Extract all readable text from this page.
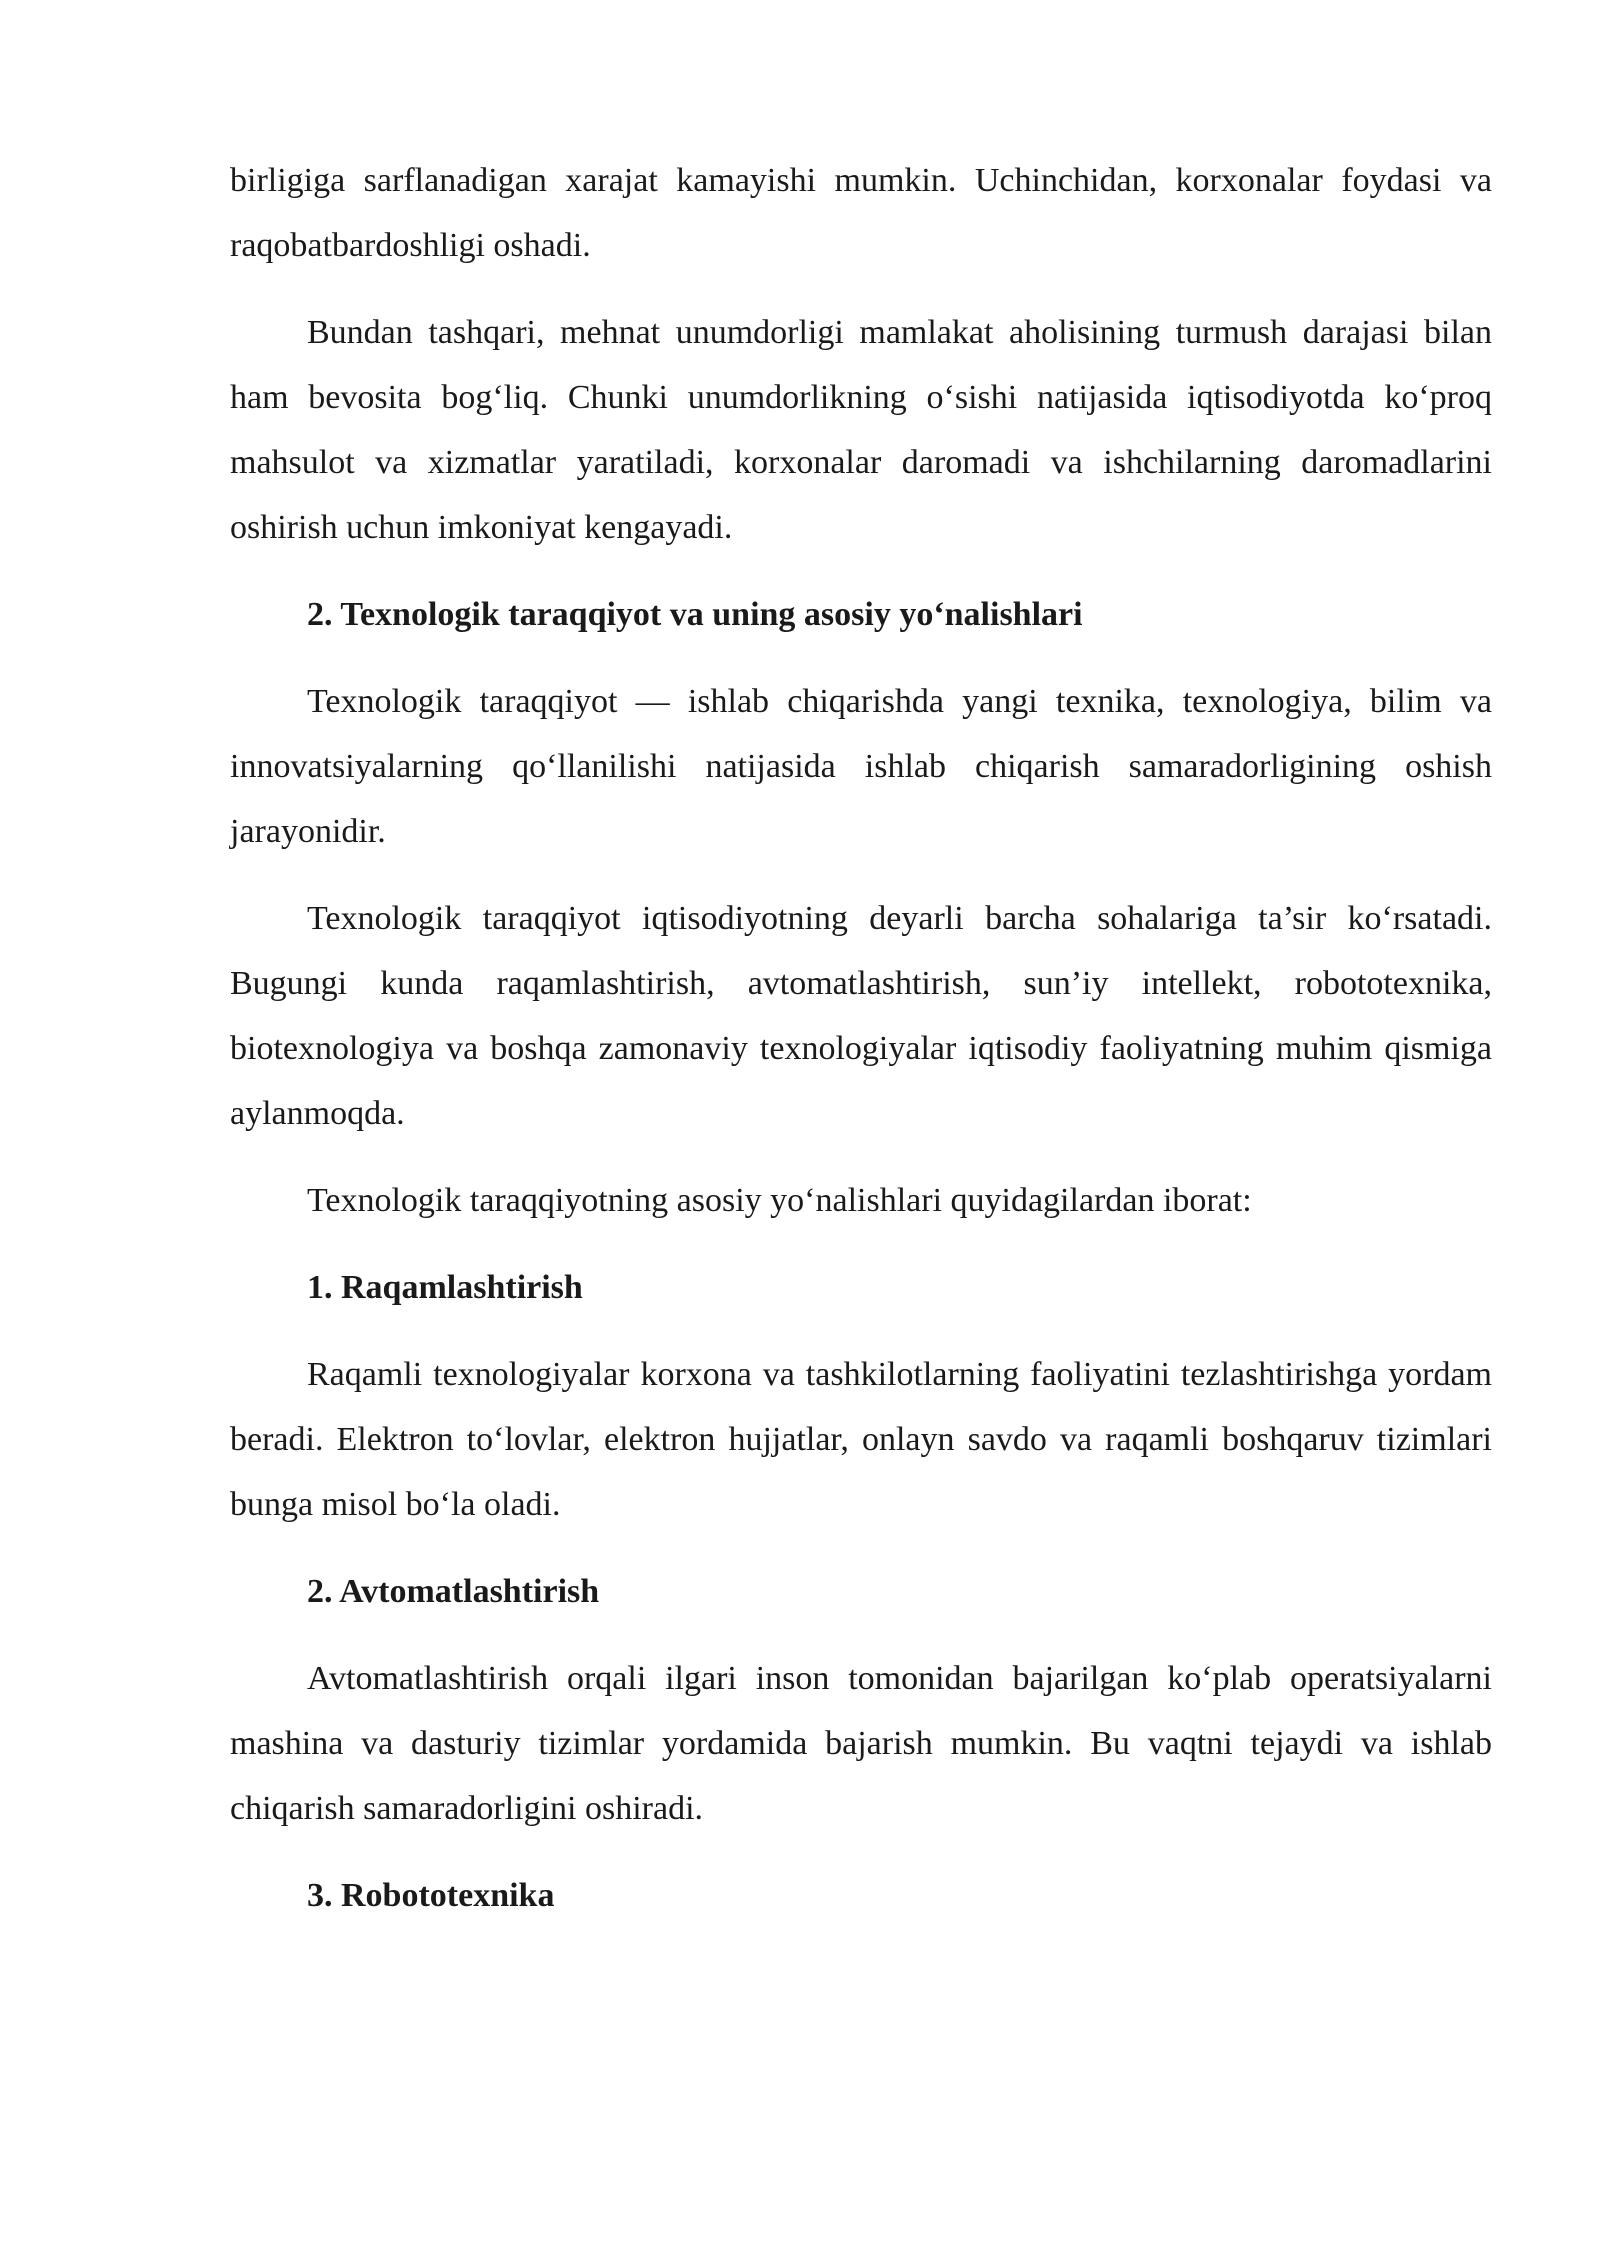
birligiga sarflanadigan xarajat kamayishi mumkin. Uchinchidan, korxonalar foydasi va raqobatbardoshligi oshadi.

Bundan tashqari, mehnat unumdorligi mamlakat aholisining turmush darajasi bilan ham bevosita bog‘liq. Chunki unumdorlikning o‘sishi natijasida iqtisodiyotda ko‘proq mahsulot va xizmatlar yaratiladi, korxonalar daromadi va ishchilarning daromadlarini oshirish uchun imkoniyat kengayadi.

2. Texnologik taraqqiyot va uning asosiy yo‘nalishlari

Texnologik taraqqiyot — ishlab chiqarishda yangi texnika, texnologiya, bilim va innovatsiyalarning qo‘llanilishi natijasida ishlab chiqarish samaradorligining oshish jarayonidir.

Texnologik taraqqiyot iqtisodiyotning deyarli barcha sohalariga ta’sir ko‘rsatadi. Bugungi kunda raqamlashtirish, avtomatlashtirish, sun’iy intellekt, robototexnika, biotexnologiya va boshqa zamonaviy texnologiyalar iqtisodiy faoliyatning muhim qismiga aylanmoqda.

Texnologik taraqqiyotning asosiy yo‘nalishlari quyidagilardan iborat:

1. Raqamlashtirish

Raqamli texnologiyalar korxona va tashkilotlarning faoliyatini tezlashtirishga yordam beradi. Elektron to‘lovlar, elektron hujjatlar, onlayn savdo va raqamli boshqaruv tizimlari bunga misol bo‘la oladi.

2. Avtomatlashtirish

Avtomatlashtirish orqali ilgari inson tomonidan bajarilgan ko‘plab operatsiyalarni mashina va dasturiy tizimlar yordamida bajarish mumkin. Bu vaqtni tejaydi va ishlab chiqarish samaradorligini oshiradi.

3. Robototexnika
